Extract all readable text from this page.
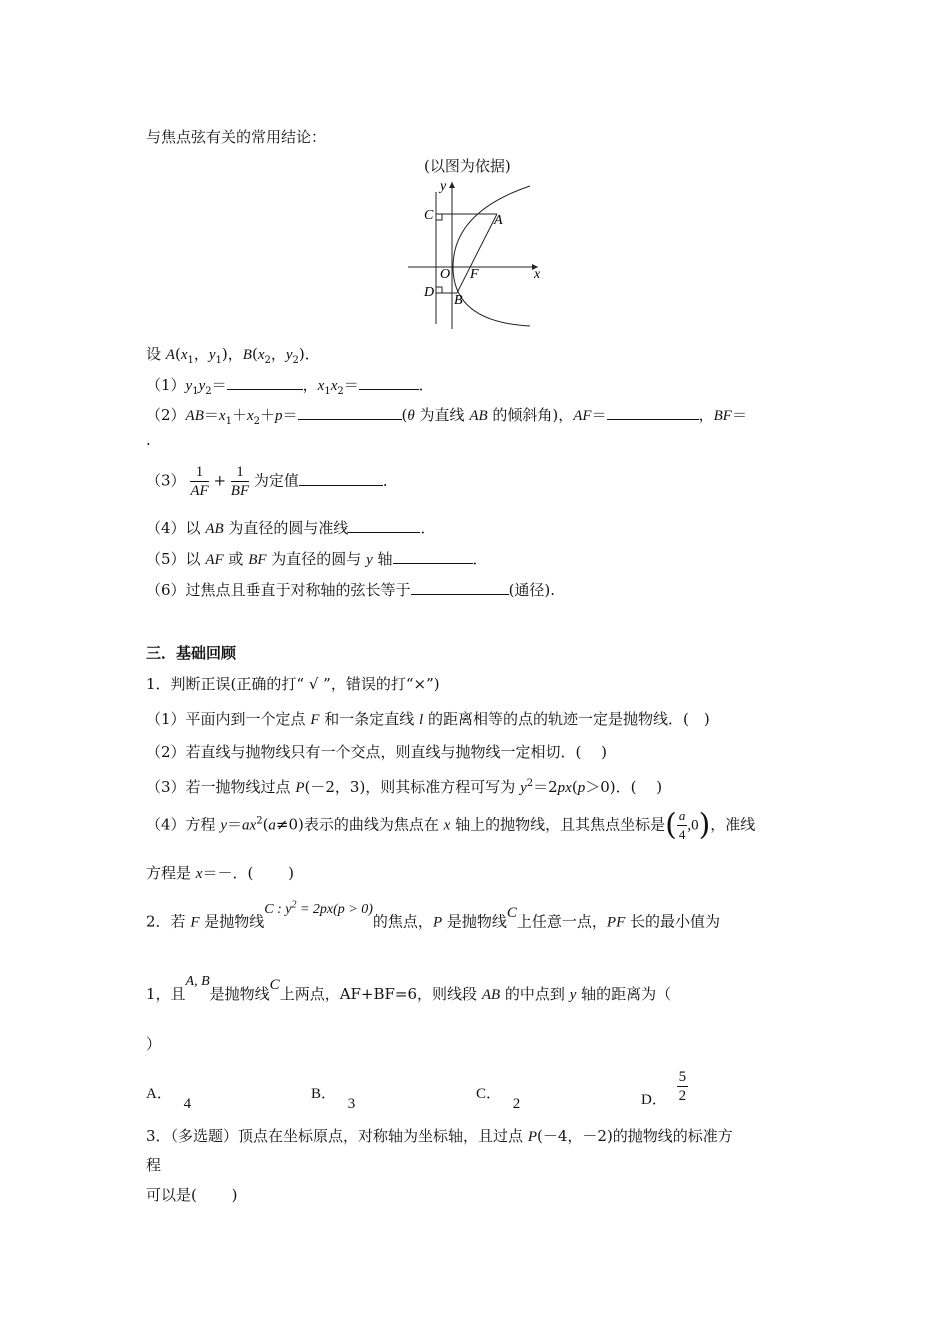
与焦点弦有关的常用结论：
(以图为依据)
y
x
C	A
O F
D
B
设 $A(x_1$，$y_1$)，$B(x_2$，$y_2$)．
$(1)y_1y_2=$	，$x_1x_2=$	．
$(2)AB=x_1+x_2+p=$	(θ 为直线 AB 的倾斜角)，AF＝	，BF＝
.
$(3) \frac{1}{AF} + \frac{1}{BF}$ 为定值	．
（4）以 AB 为直径的圆与准线	．
（5）以 AF 或 BF 为直径的圆与 y 轴	．
（6）过焦点且垂直于对称轴的弦长等于	(通径).
三．基础回顾
1．判断正误(正确的打“ √ ”，错误的打“×”)
（1）平面内到一个定点 F 和一条定直线 l 的距离相等的点的轨迹一定是抛物线．(　)
（2）若直线与抛物线只有一个交点，则直线与抛物线一定相切．(　 )
（3）若一抛物线过点 P(－2，3)，则其标准方程可写为 $y^2=2px(p>0)$．(　 )
（4）方程 $y=ax^2(a\ne 0)$表示的曲线为焦点在 x 轴上的抛物线，且其焦点坐标是( $\frac{a}{4} ,0$)，准线
方程是 x＝－．(　　 )
2．若 F 是抛物线C : $y^2 = 2px(p > 0)$的焦点，P 是抛物线C上任意一点，PF 长的最小值为
1，且A, B是抛物线C上两点，AF+BF=6，则线段 AB 的中点到 y 轴的距离为（
）
A． 4
B． 3
C． 2	D． $\frac{5}{2}$
3．（多选题）顶点在坐标原点，对称轴为坐标轴，且过点 P(－4，－2)的抛物线的标准方
程
可以是(　　 )
